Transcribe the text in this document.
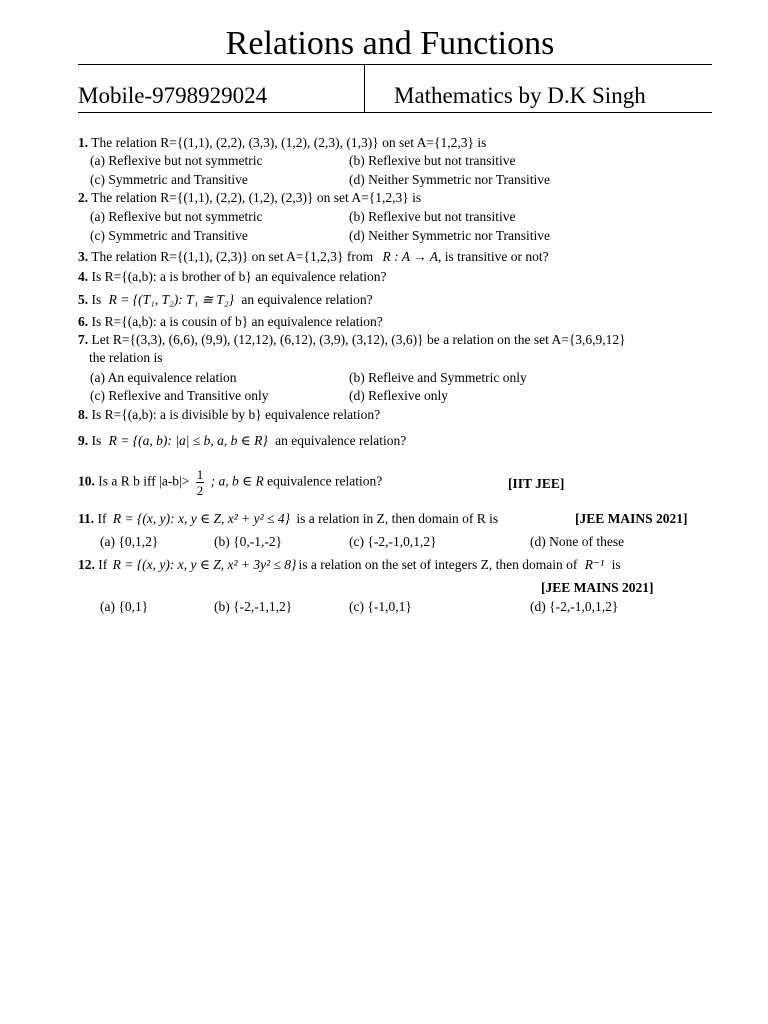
Relations and Functions
Mobile-9798929024	Mathematics by D.K Singh
1. The relation R={(1,1), (2,2), (3,3), (1,2), (2,3), (1,3)} on set A={1,2,3} is
(a) Reflexive but not symmetric	(b) Reflexive but not transitive
(c) Symmetric and Transitive	(d) Neither Symmetric nor Transitive
2. The relation R={(1,1), (2,2), (1,2), (2,3)} on set A={1,2,3} is
(a) Reflexive but not symmetric	(b) Reflexive but not transitive
(c) Symmetric and Transitive	(d) Neither Symmetric nor Transitive
3. The relation R={(1,1), (2,3)} on set A={1,2,3} from R : A → A, is transitive or not?
4. Is R={(a,b): a is brother of b} an equivalence relation?
5. Is R = {(T₁, T₂): T₁ ≅ T₂} an equivalence relation?
6. Is R={(a,b): a is cousin of b} an equivalence relation?
7. Let R={(3,3), (6,6), (9,9), (12,12), (6,12), (3,9), (3,12), (3,6)} be a relation on the set A={3,6,9,12}
the relation is
(a) An equivalence relation	(b) Refleive and Symmetric only
(c) Reflexive and Transitive only	(d) Reflexive only
8. Is R={(a,b): a is divisible by b} equivalence relation?
9. Is R = {(a, b): |a| ≤ b, a, b ∈ R} an equivalence relation?
10. Is a R b iff $|a-b|> \frac{1}{2}$ ; a, b ∈ R equivalence relation?	[IIT JEE]
11. If R = {(x, y): x, y ∈ Z, x² + y² ≤ 4} is a relation in Z, then domain of R is	[JEE MAINS 2021]
(a) {0,1,2}	(b) {0,-1,-2}	(c) {-2,-1,0,1,2}	(d) None of these
12. If R = {(x, y): x, y ∈ Z, x² + 3y² ≤ 8} is a relation on the set of integers Z, then domain of R⁻¹ is
[JEE MAINS 2021]
(a) {0,1}	(b) {-2,-1,1,2}	(c) {-1,0,1}	(d) {-2,-1,0,1,2}
